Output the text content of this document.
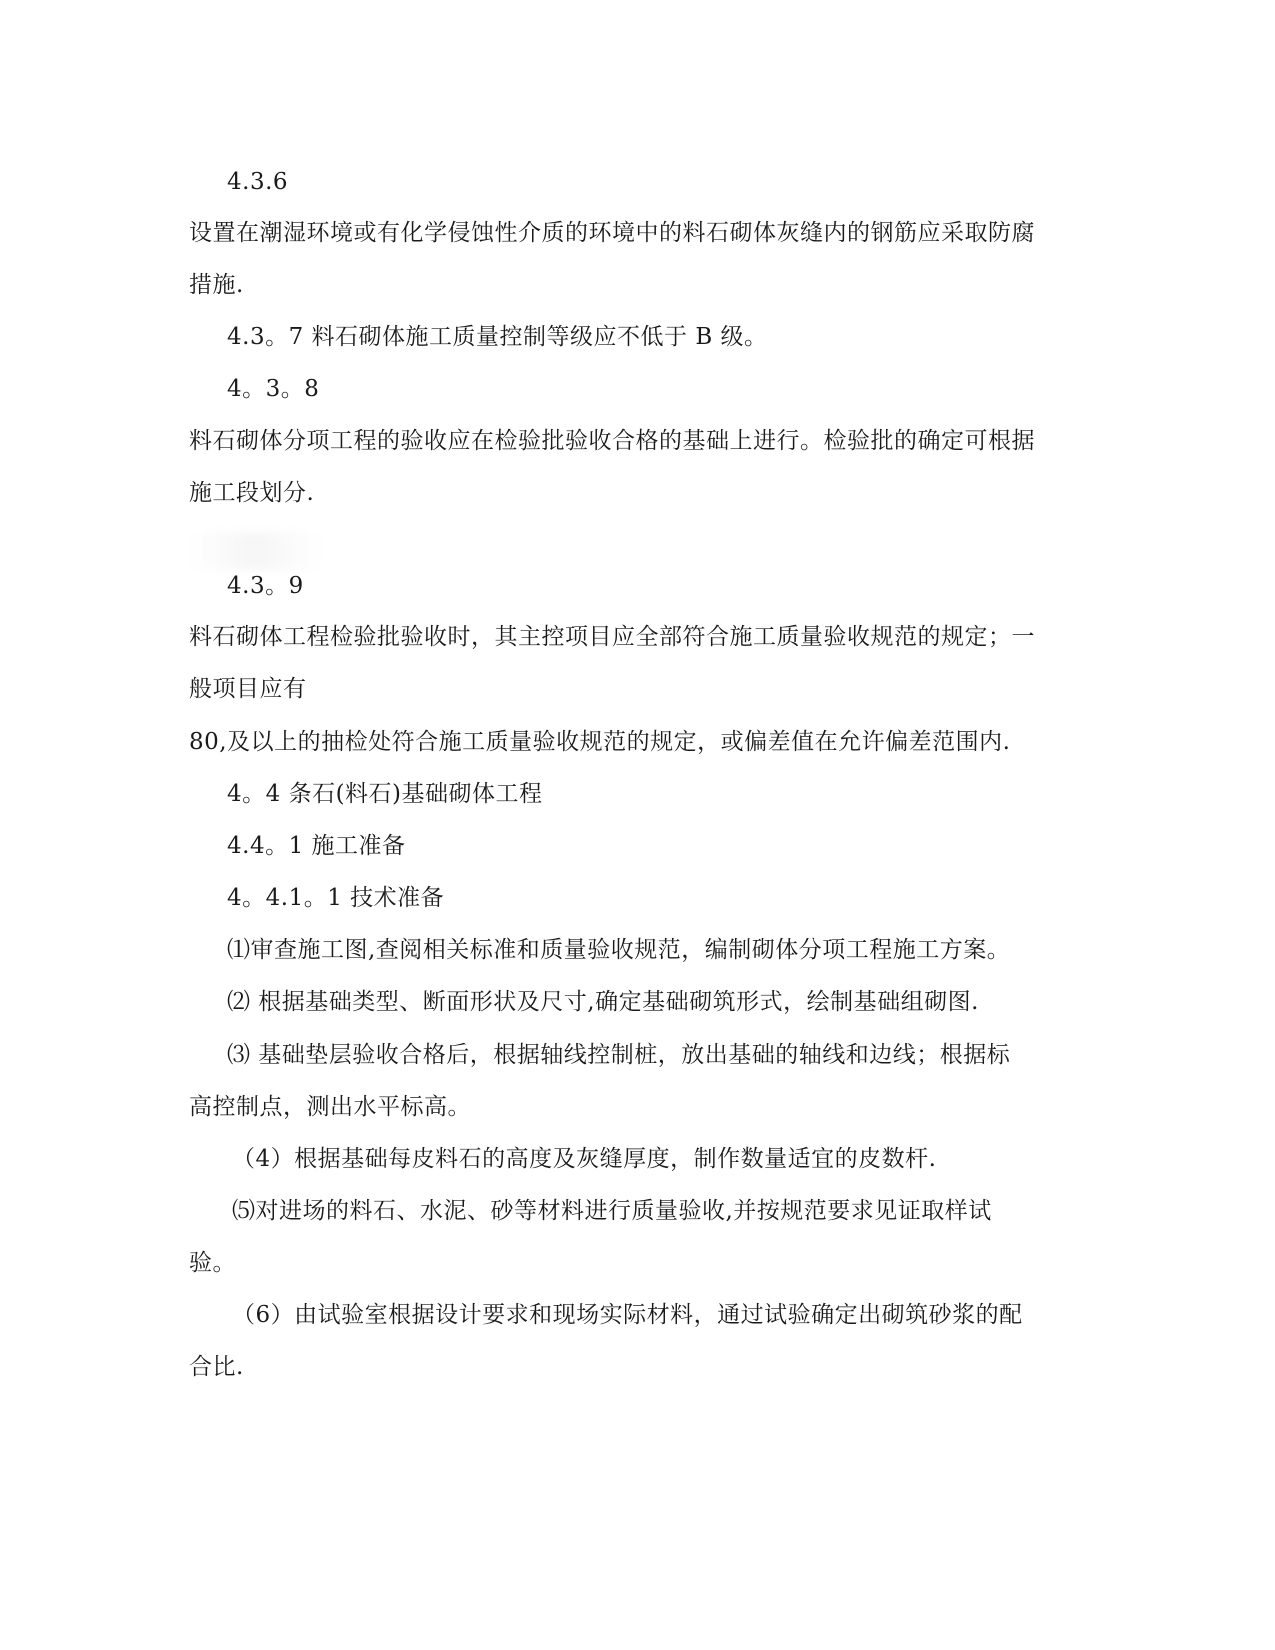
4.3.6
设置在潮湿环境或有化学侵蚀性介质的环境中的料石砌体灰缝内的钢筋应采取防腐
措施.
4.3。7 料石砌体施工质量控制等级应不低于 B 级。
4。3。8
料石砌体分项工程的验收应在检验批验收合格的基础上进行。检验批的确定可根据
施工段划分.
4.3。9
料石砌体工程检验批验收时，其主控项目应全部符合施工质量验收规范的规定；一
般项目应有
80,及以上的抽检处符合施工质量验收规范的规定，或偏差值在允许偏差范围内.
4。4 条石(料石)基础砌体工程
4.4。1 施工准备
4。4.1。1 技术准备
⑴审查施工图,查阅相关标准和质量验收规范，编制砌体分项工程施工方案。
⑵ 根据基础类型、断面形状及尺寸,确定基础砌筑形式，绘制基础组砌图.
⑶ 基础垫层验收合格后，根据轴线控制桩，放出基础的轴线和边线；根据标
高控制点，测出水平标高。
（4）根据基础每皮料石的高度及灰缝厚度，制作数量适宜的皮数杆.
⑸对进场的料石、水泥、砂等材料进行质量验收,并按规范要求见证取样试
验。
（6）由试验室根据设计要求和现场实际材料，通过试验确定出砌筑砂浆的配
合比.
